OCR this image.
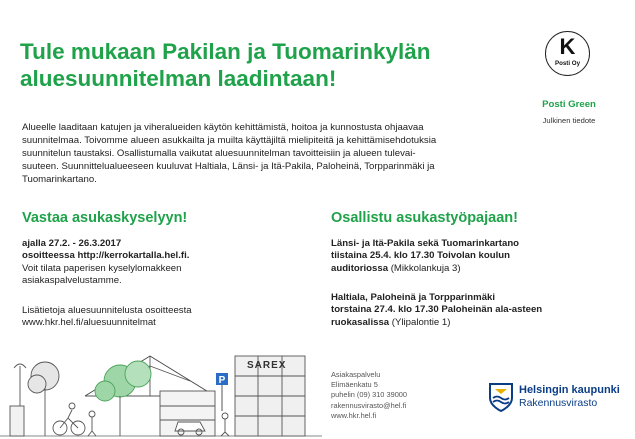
Tule mukaan Pakilan ja Tuomarinkylän
aluesuunnitelman laadintaan!
K
Posti Oy
Posti Green
Julkinen tiedote
Alueelle laaditaan katujen ja viheralueiden käytön kehittämistä, hoitoa ja kunnostusta ohjaavaa
suunnitelmaa. Toivomme alueen asukkailta ja muilta käyttäjiltä mielipiteitä ja kehittämisehdotuksia
suunnitelun taustaksi. Osallistumalla vaikutat aluesuunnitelman tavoitteisiin ja alueen tulevai-
suuteen. Suunnittelualueeseen kuuluvat Haltiala, Länsi- ja Itä-Pakila, Paloheinä, Torpparinmäki ja
Tuomarinkartano.
Vastaa asukaskyselyyn!
ajalla 27.2. - 26.3.2017
osoitteessa http://kerrokartalla.hel.fi.
Voit tilata paperisen kyselylomakkeen
asiakaspalvelustamme.
Lisätietoja aluesuunnitelusta osoitteesta
www.hkr.hel.fi/aluesuunnitelmat
Osallistu asukastyöpajaan!
Länsi- ja Itä-Pakila sekä Tuomarinkartano
tiistaina 25.4. klo 17.30 Toivolan koulun
auditoriossa (Mikkolankuja 3)
Haltiala, Paloheinä ja Torpparinmäki
torstaina 27.4. klo 17.30 Paloheinän ala-asteen
ruokasalissa (Ylipalontie 1)
Asiakaspalvelu
Elimäenkatu 5
puhelin (09) 310 39000
rakennusvirasto@hel.fi
www.hkr.hel.fi
Helsingin kaupunki
Rakennusvirasto
P
SAREX
